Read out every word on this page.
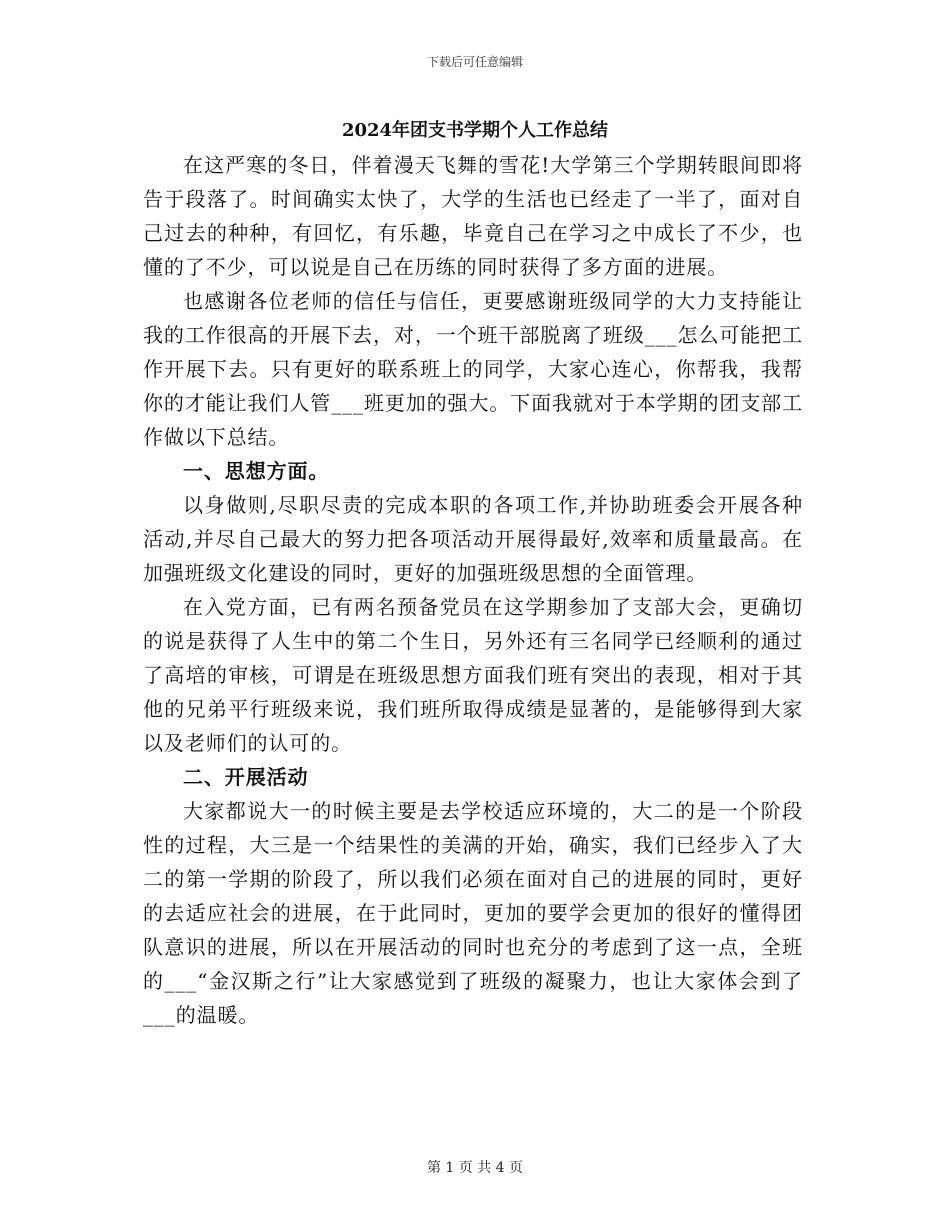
下载后可任意编辑
2024年团支书学期个人工作总结

在这严寒的冬日，伴着漫天飞舞的雪花!大学第三个学期转眼间即将告于段落了。时间确实太快了，大学的生活也已经走了一半了，面对自己过去的种种，有回忆，有乐趣，毕竟自己在学习之中成长了不少，也懂的了不少，可以说是自己在历练的同时获得了多方面的进展。

也感谢各位老师的信任与信任，更要感谢班级同学的大力支持能让我的工作很高的开展下去，对，一个班干部脱离了班级___怎么可能把工作开展下去。只有更好的联系班上的同学，大家心连心，你帮我，我帮你的才能让我们人管___班更加的强大。下面我就对于本学期的团支部工作做以下总结。

一、思想方面。

以身做则,尽职尽责的完成本职的各项工作,并协助班委会开展各种活动,并尽自己最大的努力把各项活动开展得最好,效率和质量最高。在加强班级文化建设的同时，更好的加强班级思想的全面管理。

在入党方面，已有两名预备党员在这学期参加了支部大会，更确切的说是获得了人生中的第二个生日，另外还有三名同学已经顺利的通过了高培的审核，可谓是在班级思想方面我们班有突出的表现，相对于其他的兄弟平行班级来说，我们班所取得成绩是显著的，是能够得到大家以及老师们的认可的。

二、开展活动

大家都说大一的时候主要是去学校适应环境的，大二的是一个阶段性的过程，大三是一个结果性的美满的开始，确实，我们已经步入了大二的第一学期的阶段了，所以我们必须在面对自己的进展的同时，更好的去适应社会的进展，在于此同时，更加的要学会更加的很好的懂得团队意识的进展，所以在开展活动的同时也充分的考虑到了这一点，全班的___“金汉斯之行”让大家感觉到了班级的凝聚力，也让大家体会到了___的温暖。

第 1 页 共 4 页
